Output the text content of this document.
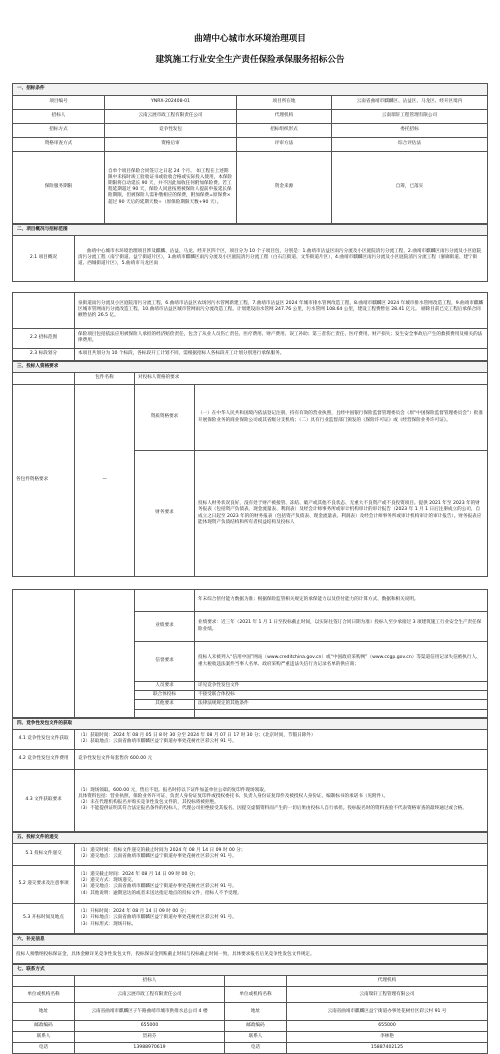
曲靖中心城市水环境治理项目
建筑施工行业安全生产责任保险承保服务招标公告
一、招标条件			
项目编号	YNRX-202408-01	项目所在地	云南省曲靖市麒麟区、沾益区、马龙区、经开区境内
招标人	云南云展市政工程有限责任公司	代理机构	云南瑞轩工程管理有限公司
招标方式	竞争性发包	招标组织形式	委托招标
资格审查方式	资格后审	评审方法	综合评估法
保险服务期限	自单个项目保险合同签订之日起 24 个月。 如工程在上述期限中未按时竣工验收证书或验收合格或实际投入使用，本保险期限将自动延长 90 天，并不因此加收任何附加保险费。若工程延期超过 90 天，保险人同意按照被保险人提前申报延长保险期限，但被保险人需补缴相应的保费，附加保费=原保费×超过 90 天后的延期天数÷（原保险期限天数+90 天）。	资金来源	自筹，已落实
二、项目概况与招标范围
2.1 项目概况	曲靖中心城市水环境治理项目涉及麒麟、沾益、马龙、经开区四个区，项目分为 10 个子项目包，分别是：1.曲靖市沾益区雨污分流及小区庭院清污分流工程，2.曲靖市麒麟区雨污分流及小区庭院清污分流工程（南宁街道、益宁街道片区），3.曲靖市麒麟区雨污分流及小区庭院清污分流工程（白石江街道、文华街道片区），4.曲靖市麒麟区雨污分流及小区庭院清污分流工程（寥廓街道、建宁街道、西城街道片区），5.曲靖市马龙区雨
	泉街道雨污分流及小区庭院清污分流工程，6.曲靖市沾益区农场河污水管网新建工程，7.曲靖市沾益区 2024 年城市排水管网改造工程，8.曲靖市麒麟区 2024 年城市排水管网改造工程，9.曲靖市麒麟区城市管网雨污分流改造工程，10.曲靖市沾益区城市管网雨污分流改造工程。计划建设雨水管网 247.76 公里，污水管网 108.64 公里，建设工程费暂估 28.41 亿元。 剔除目前已完工程后承保合同额暂估约 26.5 亿。
2.2 招标范围	保险项目包括依法应用被保险人承担的经济赔偿责任，包含了从业人员伤亡责任、医疗费用、财产费用、误工补助；第三者伤亡责任、医疗费用、财产损失；发生安全事故后产生的救援费用及相关的法律费用。
2.3 标段划分	本项目共划分为 10 个标段，各标段开工计划不同，需根据招标人各标段开工计划分别进行承保服务。
三、投标人资格要求			
	包件名称	对投标人资格的要求	
各包件资格要求	—	资质资格要求	（一）在中华人民共和国境内依法登记注册，持有有效的营业执照，且经中国银行保险监督管理委员会（原“中国保险监督管理委员会”）批准开展保险业务的商业保险公司或其省级分支机构；（二）具有行业监督部门颁发的《保险许可证》或《经营保险业务许可证》。
		财务要求	投标人财务状况良好，没有处于财产被接管、冻结、破产或其他不良状态、无重大不良资产或不良投资项目。提供 2021 年至 2023 年的财务报表（包括资产负债表、现金流量表、利润表）及经会计师事务所或审计机构审计的审计报告（2023 年 1 月 1 日后注册成立的公司，自成立之日起至 2023 年的的财务报表（包括资产负债表、现金流量表、利润表）及经会计师事务所或审计机构审计的审计报告）。财务报表应能体现资产负债结构和所有者权益结构及投标人
			年末综合偿付能力数据为准；根据保险监管相关规定的承保能力以及偿付能力的计算方式、数据和相关说明。
		业绩要求	业绩要求：近三年（2021 年 1 月 1 日至投标截止时间，以实际往签订合同日期为准）投标人至少承接过 3 项建筑施工行业安全生产责任保险业绩。
		信誉要求	投标人未被列入“信用中国”网站（www.creditchina.gov.cn）或“中国政府采购网”（www.ccgp.gov.cn）等渠道信用记录失信被执行人、重大税收违法案件当事人名单、政府采购严重违法失信行为记录名单的供应商；
		人员要求	详见竞争性发包文件
		联合体投标	不接受联合体投标
		其他要求	法律法规规定的其他条件

四、竞争性发包文件的获取	
4.1 竞争性发包文件获取	（1）获取时间：2024 年 08 月 05 日 8 时 30 分至 2024 年 08 月 07 日 17 时 30 分；(北京时间，节假日除外）
（2）获取地点：云南省曲靖市麒麟区益宁街道办事处花树社区彩云村 91 号。
4.2 竞争性发包文件费用	竞争性发包文件每套售价 600.00 元
4.3 文件获取要求	（1）现场领取。600.00 元，售后不退。报名时持以下证件加盖单位公章的复印件现场领取。
具体资料包括：营业执照、保险业务许可证、负责人身份证复印件或授权委托书、负责人身份证复印件及被授权人身份证、编制标书的承诺书（见附件）。
（2）未在代理机构报名并购买竞争性发包文件的，其投标将被拒绝。
（3）不能提供证明其符合法定报名条件的投标人，代理公司拒绝接受其报名。因提交虚假资料而产生的一切后果由投标人自行承担。投标报名时的资料查验不代表资格审查的最终通过或合格。
五、投标文件的递交	
5.1 投标文件递交	（1）递交时间：投标文件递交的截止时间为 2024 年 08 月 14 日 09 时 00 分；
（2）递交地点：云南省曲靖市麒麟区益宁街道办事处花树社区彩云村 91 号。
5.2 递交要求及注意事项	（1）递交截止时间：2024 年 08 月 14 日 09 时 00 分；
（2）递交方式：现场递交。
（3）递交地点：云南省曲靖市麒麟区益宁街道办事处花树社区彩云村 91 号。
（4）其他说明：逾期送达的或者未送达指定地点的投标文件，招标人不予受理。
5.3 开标时间及地点	（1）开标时间：2024 年 08 月 14 日 09 时 00 分；
（2）开标地点：云南省曲靖市麒麟区益宁街道办事处花树社区彩云村 91 号。
（3）开标形式：现场开标。
六、补充信息
投标人须缴纳投标保证金，具体金额详见竞争性发包文件，投标保证金到账截止时间与投标截止时间一致，具体要求报名后见竞争性发包文件规定。
七、联系方式			
	招标人		代理机构
单位或机构名称	云南云展市政工程有限责任公司	单位或机构名称	云南瑞轩工程管理有限公司
地址	云南省曲靖市麒麟区子午路曲靖市城市供排水总公司 4 楼	地址	云南省曲靖市麒麟区益宁街道办事处花树社区彩云村 91 号
邮政编码	655000	邮政编码	655000
联系人	贺莉芬	联系人	李林艳
电话	13988970619	电话	15887402125
